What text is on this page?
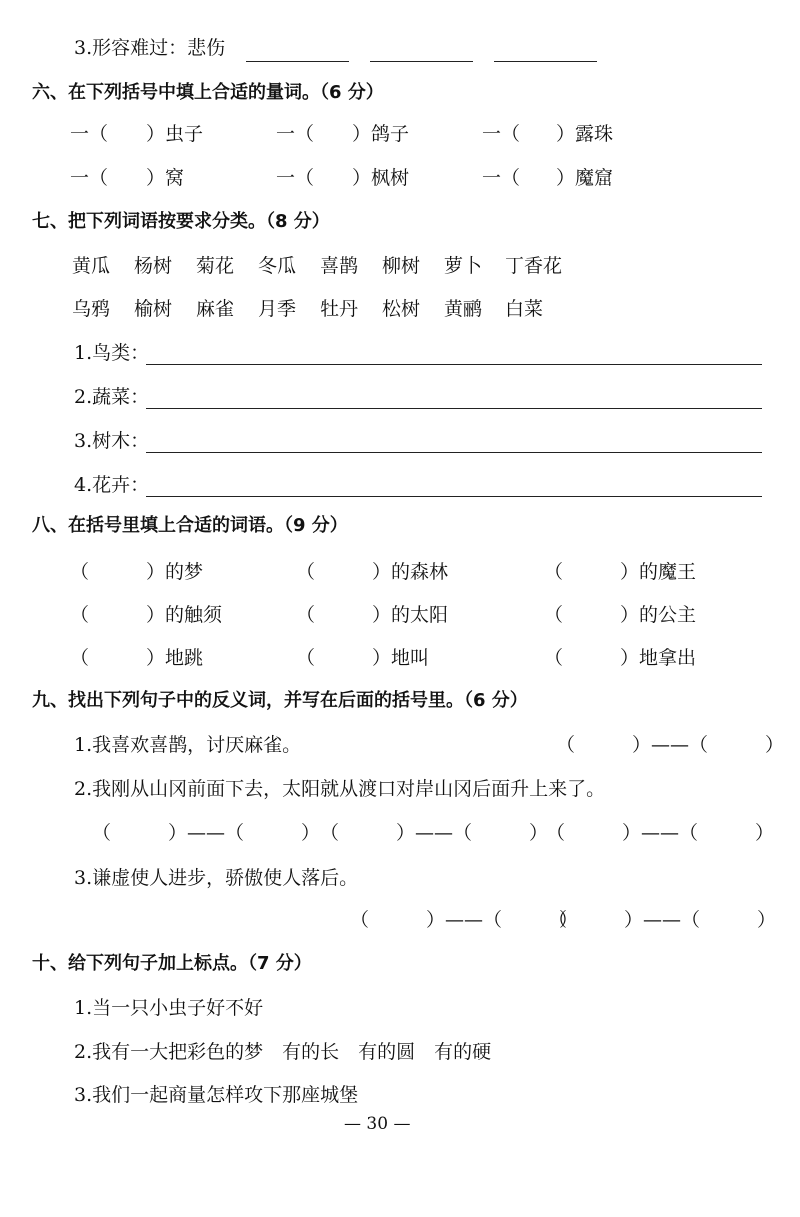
3.形容难过：悲伤
六、在下列括号中填上合适的量词。（6 分）
一（ ）虫子	一（ ）鸽子	一（ ）露珠
一（ ）窝	一（ ）枫树	一（ ）魔窟
七、把下列词语按要求分类。（8 分）
黄瓜 杨树 菊花 冬瓜 喜鹊 柳树 萝卜 丁香花
乌鸦 榆树 麻雀 月季 牡丹 松树 黄鹂 白菜
1.鸟类：
2.蔬菜：
3.树木：
4.花卉：
八、在括号里填上合适的词语。（9 分）
（	）的梦	（	）的森林	（	）的魔王
（	）的触须	（	）的太阳	（	）的公主
（	）地跳	（	）地叫	（	）地拿出
九、找出下列句子中的反义词，并写在后面的括号里。（6 分）
1.我喜欢喜鹊，讨厌麻雀。	（　　　）——（　　　）
2.我刚从山冈前面下去，太阳就从渡口对岸山冈后面升上来了。
（　　　）——（　　　） （　　　）——（　　　）
（　　　）——（　　　）
3.谦虚使人进步，骄傲使人落后。
（　　　）——（　　　）
（　　　）——（　　　）
十、给下列句子加上标点。（7 分）
1.当一只小虫子好不好
2.我有一大把彩色的梦　有的长　有的圆　有的硬
3.我们一起商量怎样攻下那座城堡
— 30 —
